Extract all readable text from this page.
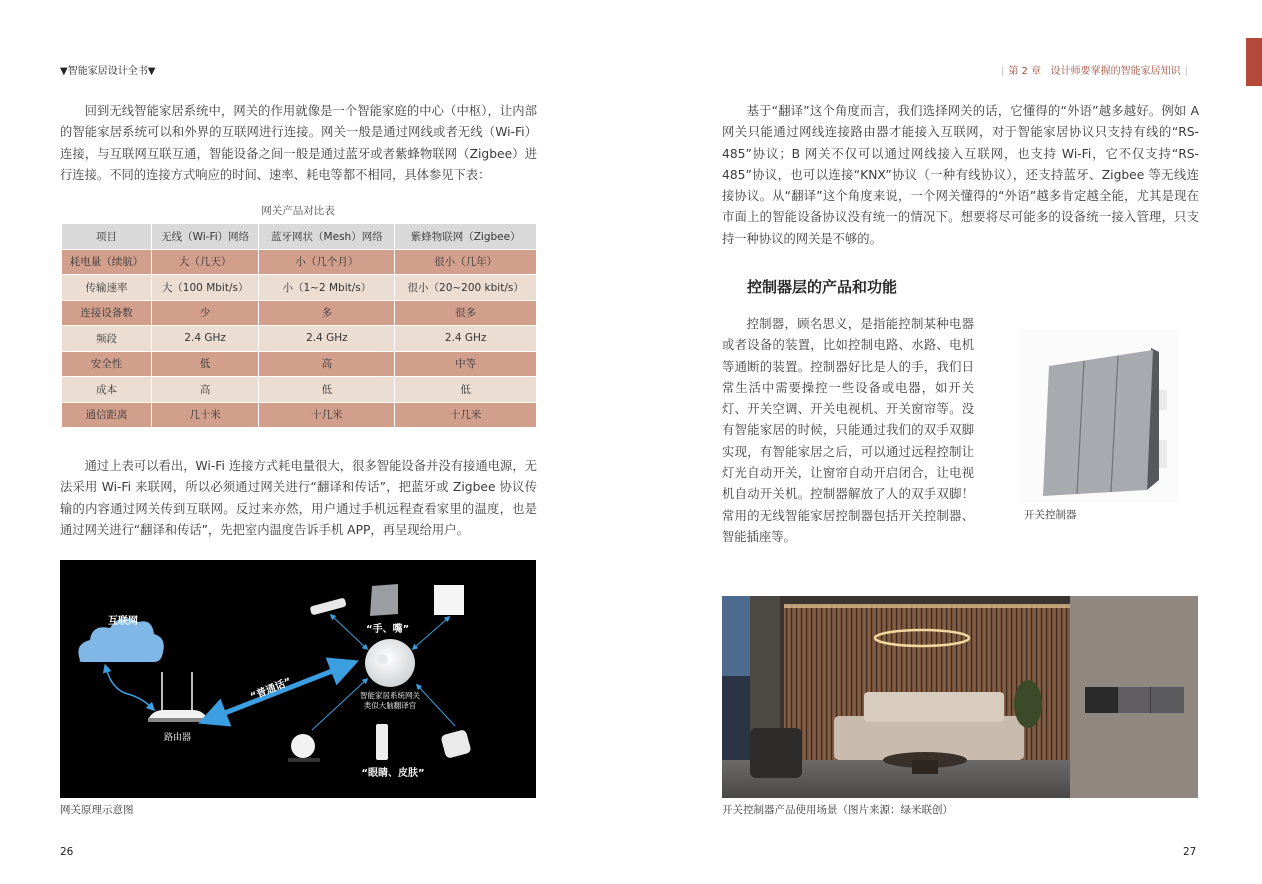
▼智能家居设计全书▼

回到无线智能家居系统中，网关的作用就像是一个智能家庭的中心（中枢），让内部的智能家居系统可以和外界的互联网进行连接。网关一般是通过网线或者无线（Wi-Fi）连接，与互联网互联互通，智能设备之间一般是通过蓝牙或者紫蜂物联网（Zigbee）进行连接。不同的连接方式响应的时间、速率、耗电等都不相同，具体参见下表：

网关产品对比表
项目	无线（Wi-Fi）网络	蓝牙网状（Mesh）网络	紫蜂物联网（Zigbee）
耗电量（续航）	大（几天）	小（几个月）	很小（几年）
传输速率	大（100 Mbit/s）	小（1~2 Mbit/s）	很小（20~200 kbit/s）
连接设备数	少	多	很多
频段	2.4 GHz	2.4 GHz	2.4 GHz
安全性	低	高	中等
成本	高	低	低
通信距离	几十米	十几米	十几米

通过上表可以看出，Wi-Fi 连接方式耗电量很大，很多智能设备并没有接通电源，无法采用 Wi-Fi 来联网，所以必须通过网关进行“翻译和传话”，把蓝牙或 Zigbee 协议传输的内容通过网关传到互联网。反过来亦然，用户通过手机远程查看家里的温度，也是通过网关进行“翻译和传话”，先把室内温度告诉手机 APP，再呈现给用户。

互联网
路由器
“普通话”
“手、嘴”
智能家居系统网关
类似大脑翻译官
“眼睛、皮肤”
网关原理示意图
26
| 第 2 章 设计师要掌握的智能家居知识 |

基于“翻译”这个角度而言，我们选择网关的话，它懂得的“外语”越多越好。例如 A 网关只能通过网线连接路由器才能接入互联网，对于智能家居协议只支持有线的“RS-485”协议；B 网关不仅可以通过网线接入互联网，也支持 Wi-Fi，它不仅支持“RS-485”协议，也可以连接“KNX”协议（一种有线协议），还支持蓝牙、Zigbee 等无线连接协议。从“翻译”这个角度来说，一个网关懂得的“外语”越多肯定越全能，尤其是现在市面上的智能设备协议没有统一的情况下。想要将尽可能多的设备统一接入管理，只支持一种协议的网关是不够的。

控制器层的产品和功能

控制器，顾名思义，是指能控制某种电器或者设备的装置，比如控制电路、水路、电机等通断的装置。控制器好比是人的手，我们日常生活中需要操控一些设备或电器，如开关灯、开关空调、开关电视机、开关窗帘等。没有智能家居的时候，只能通过我们的双手双脚实现，有智能家居之后，可以通过远程控制让灯光自动开关，让窗帘自动开启闭合，让电视机自动开关机。控制器解放了人的双手双脚！常用的无线智能家居控制器包括开关控制器、智能插座等。

开关控制器
开关控制器产品使用场景（图片来源：绿米联创）
27
